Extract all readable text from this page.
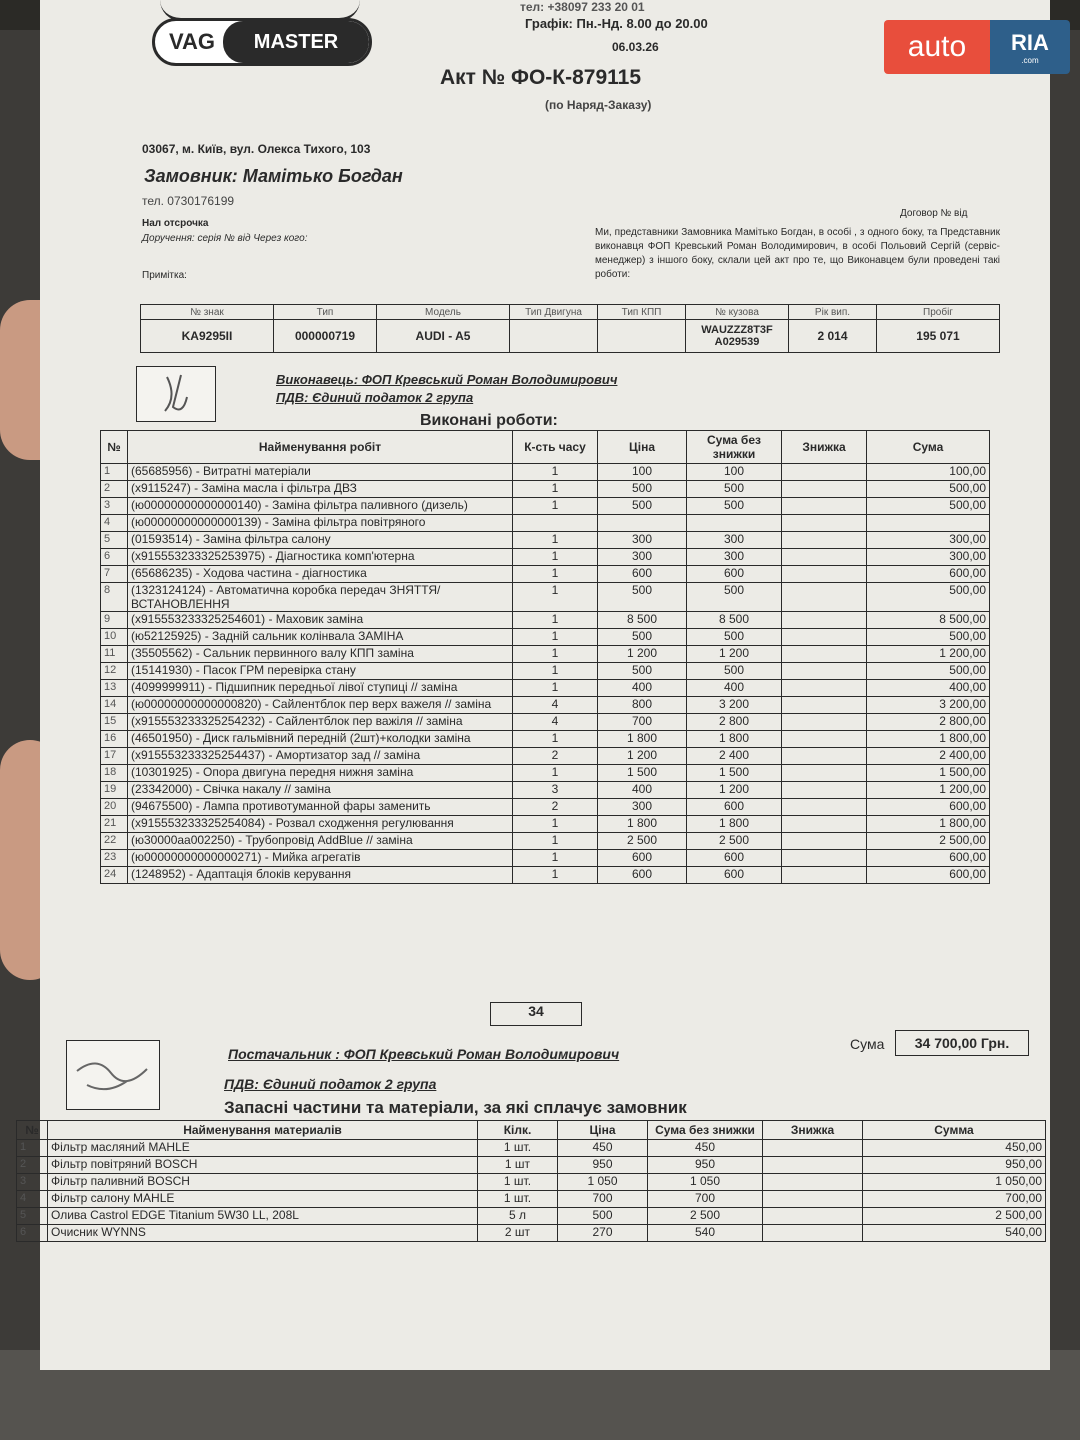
VAG	MASTER
тел: +38097 233 20 01
Графік: Пн.-Нд. 8.00 до 20.00
06.03.26
Акт № ФО-К-879115
(по Наряд-Заказу)
03067, м. Київ, вул. Олекса Тихого, 103
Замовник: Мамітько Богдан
тел. 0730176199
Нал отсрочка
Доручення: серія № від Через кого:
Примітка:
Договор № від
Ми, представники Замовника Мамітько Богдан, в особі , з одного боку, та Представник виконавця ФОП Кревський Роман Володимирович, в особі Польовий Сергій (сервіс-менеджер) з іншого боку, склали цей акт про те, що Виконавцем були проведені такі роботи:
№ знак	Тип	Модель	Тип Двигуна	Тип КПП	№ кузова	Рік вип.	Пробіг
KA9295II	000000719	AUDI - A5			WAUZZZ8T3F A029539	2 014	195 071
Виконавець: ФОП Кревський Роман Володимирович
ПДВ: Єдиний податок 2 група
Виконані роботи:
№	Найменування робіт	К-сть часу	Ціна	Сума без знижки	Знижка	Сума
1	(65685956) - Витратні матеріали	1	100	100		100,00
2	(x9115247) - Заміна масла і фільтра ДВЗ	1	500	500		500,00
3	(ю00000000000000140) - Заміна фільтра паливного (дизель)	1	500	500		500,00
4	(ю00000000000000139) - Заміна фільтра повітряного					
5	(01593514) - Заміна фільтра салону	1	300	300		300,00
6	(x915553233325253975) - Діагностика комп'ютерна	1	300	300		300,00
7	(65686235) - Ходова частина - діагностика	1	600	600		600,00
8	(1323124124) - Автоматична коробка передач ЗНЯТТЯ/ВСТАНОВЛЕННЯ	1	500	500		500,00
9	(x915553233325254601) - Маховик заміна	1	8 500	8 500		8 500,00
10	(ю52125925) - Задній сальник колінвала ЗАМІНА	1	500	500		500,00
11	(35505562) - Сальник первинного валу КПП заміна	1	1 200	1 200		1 200,00
12	(15141930) - Пасок ГРМ перевірка стану	1	500	500		500,00
13	(4099999911) - Підшипник передньої лівої ступиці // заміна	1	400	400		400,00
14	(ю00000000000000820) - Сайлентблок пер верх важеля // заміна	4	800	3 200		3 200,00
15	(x915553233325254232) - Сайлентблок пер важіля // заміна	4	700	2 800		2 800,00
16	(46501950) - Диск гальмівний передній (2шт)+колодки заміна	1	1 800	1 800		1 800,00
17	(x915553233325254437) - Амортизатор зад // заміна	2	1 200	2 400		2 400,00
18	(10301925) - Опора двигуна передня нижня заміна	1	1 500	1 500		1 500,00
19	(23342000) - Свічка накалу // заміна	3	400	1 200		1 200,00
20	(94675500) - Лампа противотуманной фары заменить	2	300	600		600,00
21	(x915553233325254084) - Розвал сходження регулювання	1	1 800	1 800		1 800,00
22	(ю30000aa002250) - Трубопровід AddBlue // заміна	1	2 500	2 500		2 500,00
23	(ю00000000000000271) - Мийка агрегатів	1	600	600		600,00
24	(1248952) - Адаптація блоків керування	1	600	600		600,00
34
Сума	34 700,00 Грн.
Постачальник : ФОП Кревський Роман Володимирович
ПДВ: Єдиний податок 2 група
Запасні частини та матеріали, за які сплачує замовник
№	Найменування материалів	Кілк.	Ціна	Сума без знижки	Знижка	Сумма
1	Фільтр масляний MAHLE	1 шт.	450	450		450,00
2	Фільтр повітряний BOSCH	1 шт	950	950		950,00
3	Фільтр паливний BOSCH	1 шт.	1 050	1 050		1 050,00
4	Фільтр салону MAHLE	1 шт.	700	700		700,00
5	Олива Castrol EDGE Titanium 5W30 LL, 208L	5 л	500	2 500		2 500,00
6	Очисник WYNNS	2 шт	270	540		540,00
auto	RIA
.com
